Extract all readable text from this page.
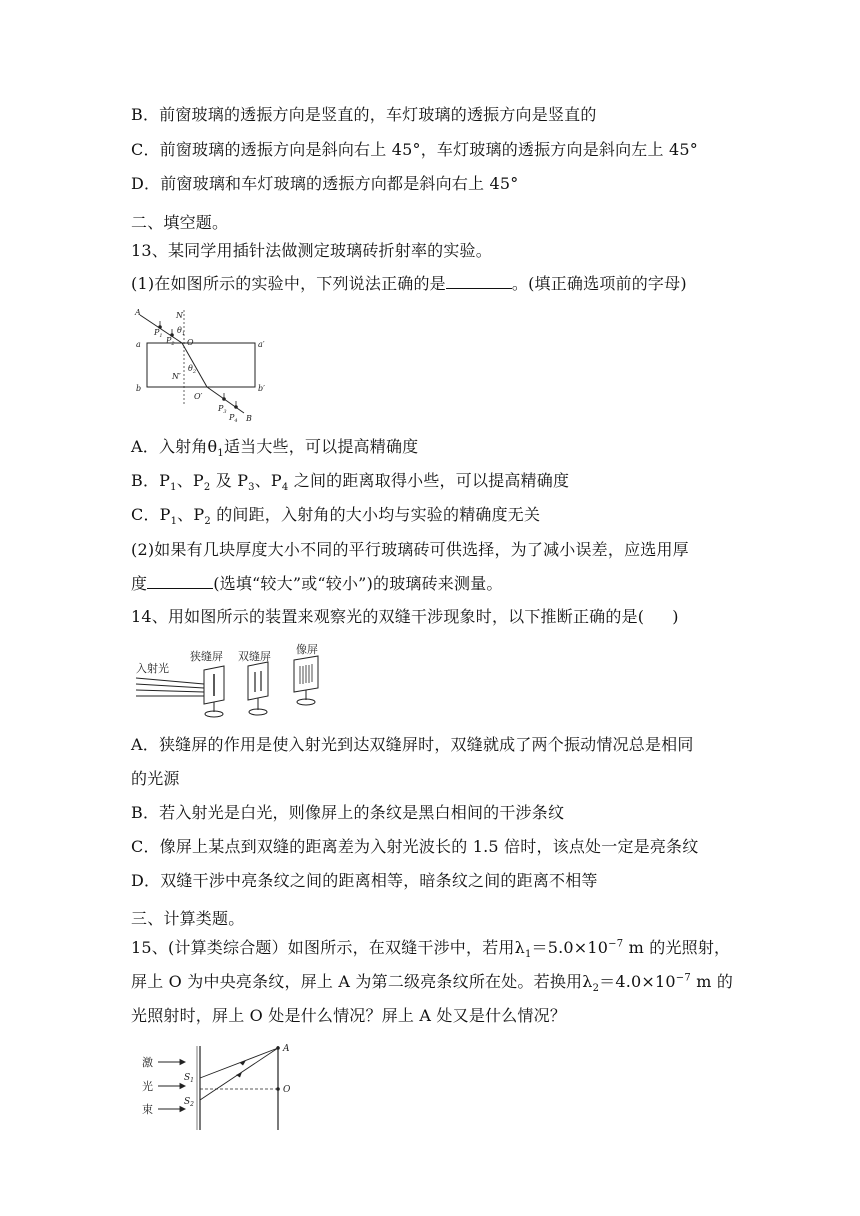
B．前窗玻璃的透振方向是竖直的，车灯玻璃的透振方向是竖直的
C．前窗玻璃的透振方向是斜向右上 45°，车灯玻璃的透振方向是斜向左上 45°
D．前窗玻璃和车灯玻璃的透振方向都是斜向右上 45°
二、填空题。
13、某同学用插针法做测定玻璃砖折射率的实验。
(1)在如图所示的实验中，下列说法正确的是	。(填正确选项前的字母)
A	N
$P_1$ $P_2$
$\theta_1$
O
a	a′
b	b′
N′
$\theta_2$
O′
$P_3$
$P_4$ B
A．入射角$\theta_1$适当大些，可以提高精确度
B．$P_1$、$P_2$ 及 $P_3$、$P_4$ 之间的距离取得小些，可以提高精确度
C．$P_1$、$P_2$ 的间距，入射角的大小均与实验的精确度无关
(2)如果有几块厚度大小不同的平行玻璃砖可供选择，为了减小误差，应选用厚
度	(选填“较大”或“较小”)的玻璃砖来测量。
14、用如图所示的装置来观察光的双缝干涉现象时，以下推断正确的是( )
入射光
狭缝屏 双缝屏
像屏
A．狭缝屏的作用是使入射光到达双缝屏时，双缝就成了两个振动情况总是相同
的光源
B．若入射光是白光，则像屏上的条纹是黑白相间的干涉条纹
C．像屏上某点到双缝的距离差为入射光波长的 1.5 倍时，该点处一定是亮条纹
D．双缝干涉中亮条纹之间的距离相等，暗条纹之间的距离不相等
三、计算类题。
15、(计算类综合题）如图所示，在双缝干涉中，若用$\lambda_1=5.0\times 10^{-7}$ m 的光照射，
屏上 O 为中央亮条纹，屏上 A 为第二级亮条纹所在处。若换用$\lambda_2=4.0\times 10^{-7}$ m 的
光照射时，屏上 O 处是什么情况？屏上 A 处又是什么情况？
激
光
束
$S_1$
$S_2$
A
O
